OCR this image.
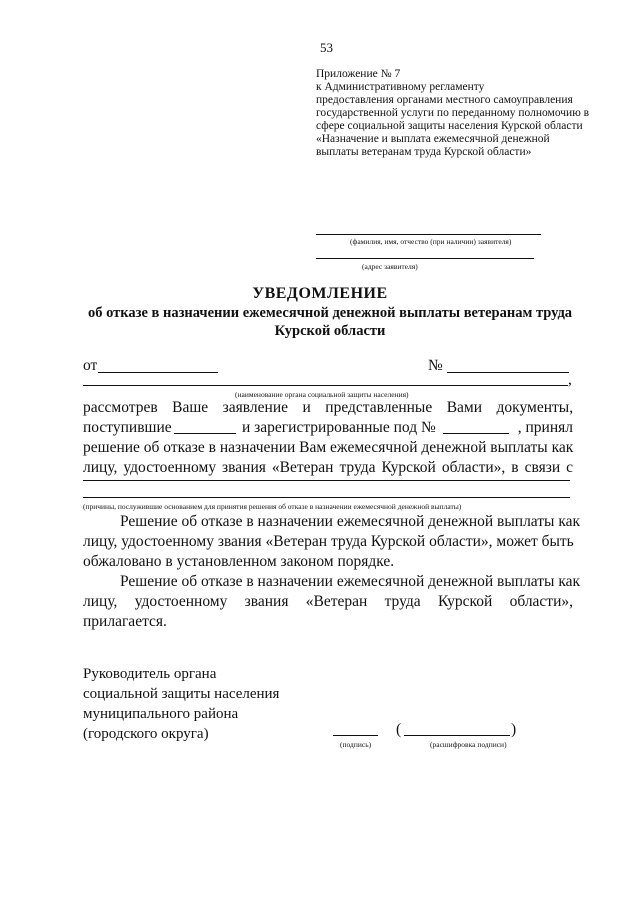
53
Приложение № 7
к Административному регламенту
предоставления органами местного самоуправления
государственной услуги по переданному полномочию в
сфере социальной защиты населения Курской области
«Назначение и выплата ежемесячной денежной
выплаты ветеранам труда Курской области»
(фамилия, имя, отчество (при наличии) заявителя)
(адрес заявителя)
УВЕДОМЛЕНИЕ
об отказе в назначении ежемесячной денежной выплаты ветеранам труда Курской области
от	№
,
(наименование органа социальной защиты населения)
рассмотрев Ваше заявление и представленные Вами документы,
поступившие	и зарегистрированные под №	, принял
решение об отказе в назначении Вам ежемесячной денежной выплаты как
лицу, удостоенному звания «Ветеран труда Курской области», в связи с
(причины, послужившие основанием для принятия решения об отказе в назначении ежемесячной денежной выплаты)
Решение об отказе в назначении ежемесячной денежной выплаты как
лицу, удостоенному звания «Ветеран труда Курской области», может быть
обжаловано в установленном законом порядке.
Решение об отказе в назначении ежемесячной денежной выплаты как
лицу, удостоенному звания «Ветеран труда Курской области»,
прилагается.
Руководитель органа
социальной защиты населения
муниципального района
(городского округа)
(подпись)
(	)
(расшифровка подписи)
